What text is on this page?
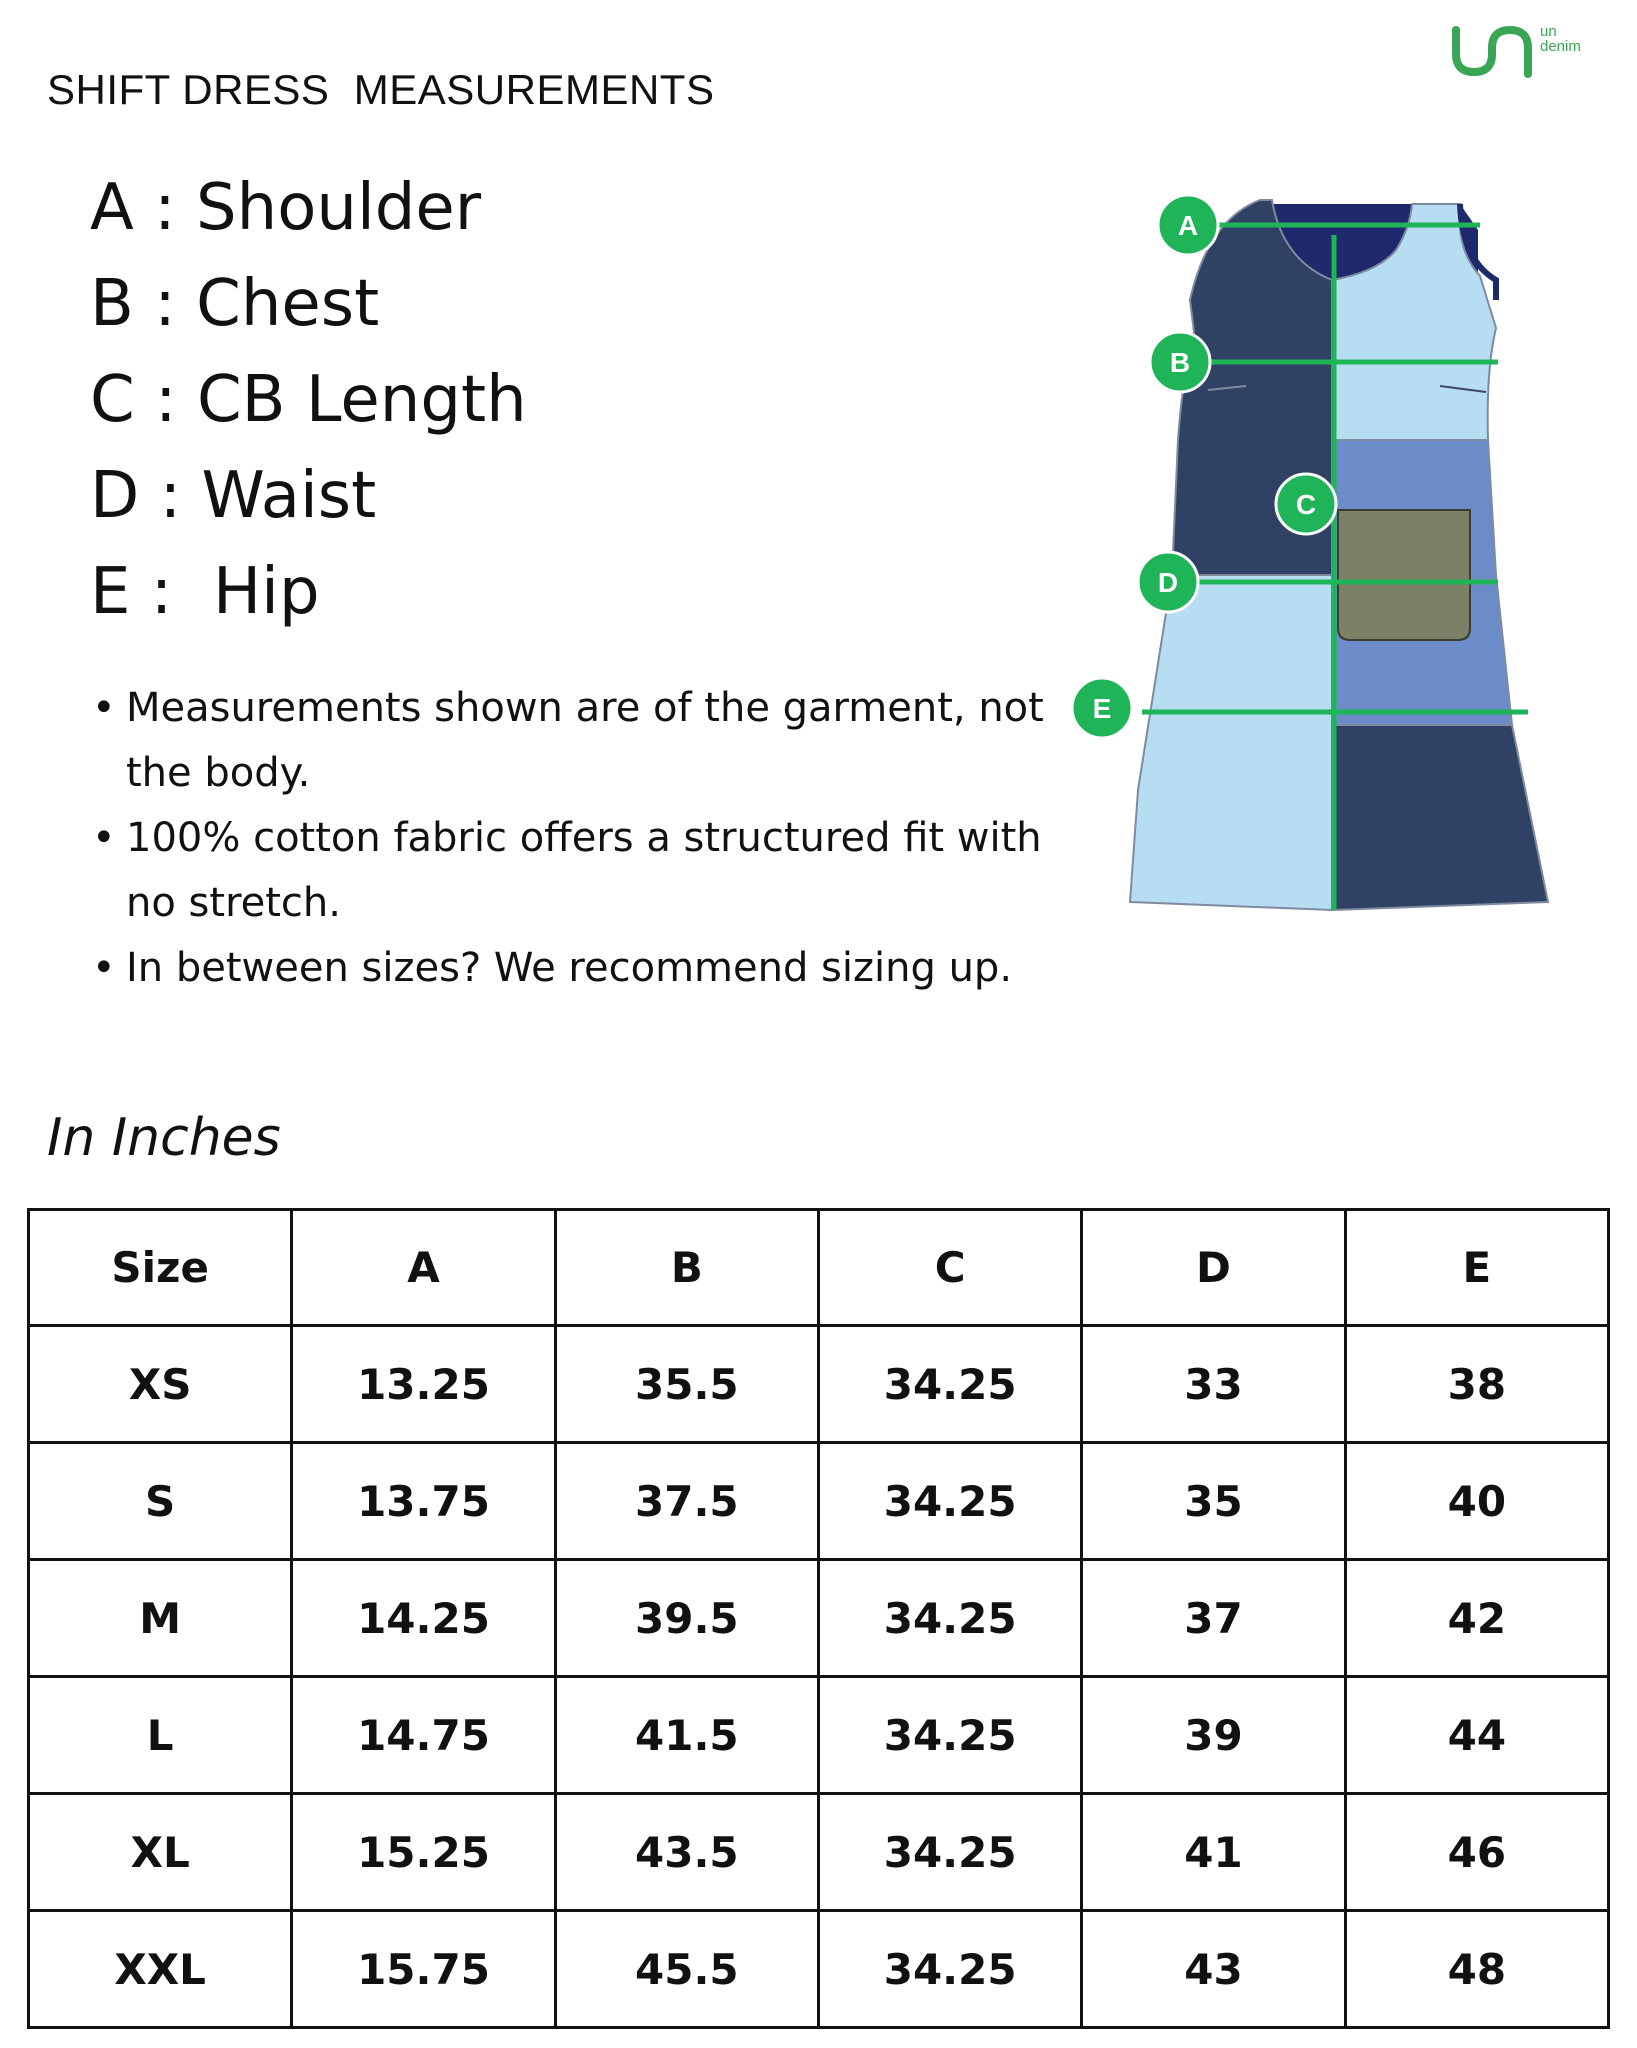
un
denim
SHIFT DRESS  MEASUREMENTS
A : Shoulder
B : Chest
C : CB Length
D : Waist
E :  Hip
• Measurements shown are of the garment, not the body.
• 100% cotton fabric offers a structured fit with no stretch.
• In between sizes? We recommend sizing up.
A
B
C
D
E
In Inches
Size	A	B	C	D	E
XS	13.25	35.5	34.25	33	38
S	13.75	37.5	34.25	35	40
M	14.25	39.5	34.25	37	42
L	14.75	41.5	34.25	39	44
XL	15.25	43.5	34.25	41	46
XXL	15.75	45.5	34.25	43	48
